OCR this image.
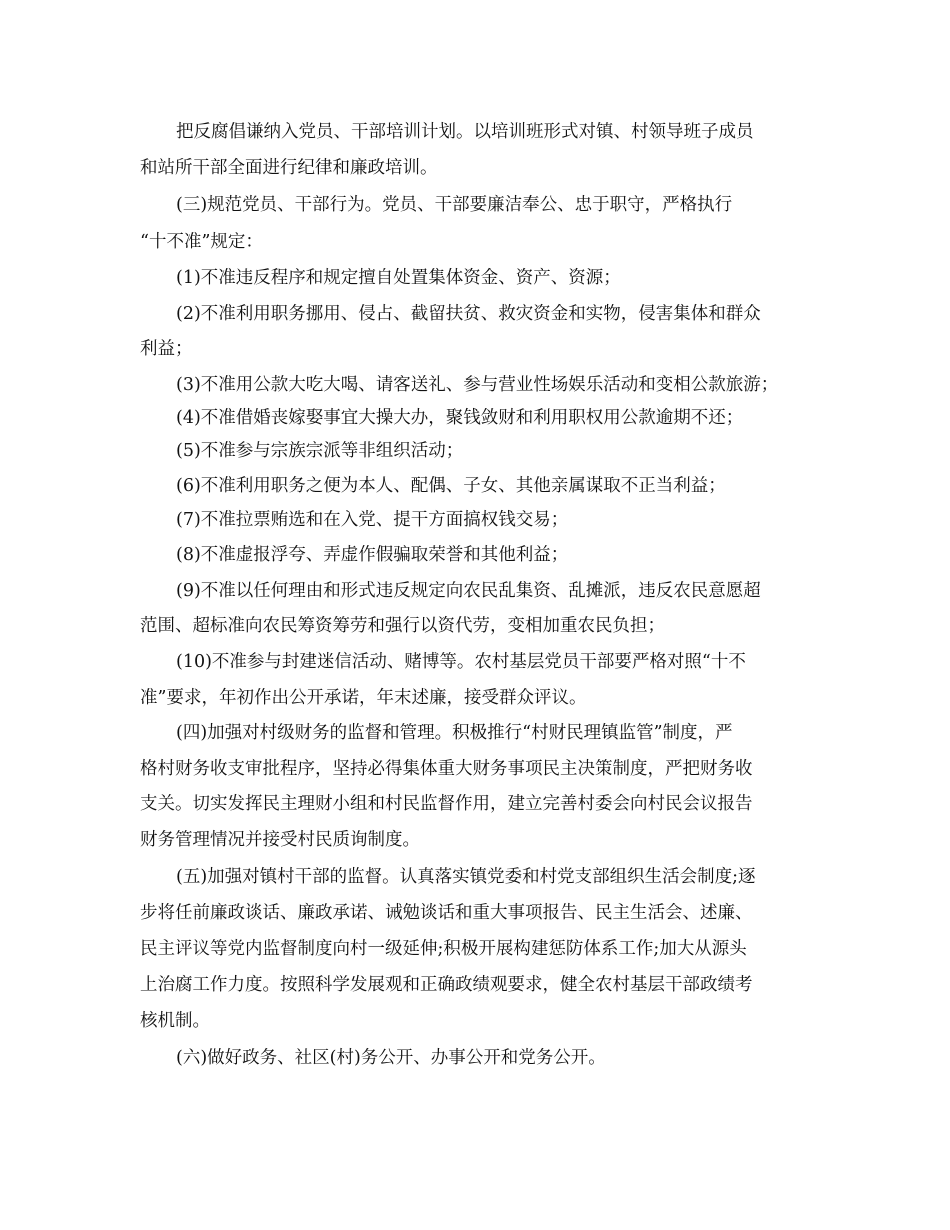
把反腐倡谦纳入党员、干部培训计划。以培训班形式对镇、村领导班子成员
和站所干部全面进行纪律和廉政培训。
(三)规范党员、干部行为。党员、干部要廉洁奉公、忠于职守，严格执行
“十不准”规定：
(1)不准违反程序和规定擅自处置集体资金、资产、资源；
(2)不准利用职务挪用、侵占、截留扶贫、救灾资金和实物，侵害集体和群众
利益；
(3)不准用公款大吃大喝、请客送礼、参与营业性场娱乐活动和变相公款旅游；
(4)不准借婚丧嫁娶事宜大操大办，聚钱敛财和利用职权用公款逾期不还；
(5)不准参与宗族宗派等非组织活动；
(6)不准利用职务之便为本人、配偶、子女、其他亲属谋取不正当利益；
(7)不准拉票贿选和在入党、提干方面搞权钱交易；
(8)不准虚报浮夸、弄虚作假骗取荣誉和其他利益；
(9)不准以任何理由和形式违反规定向农民乱集资、乱摊派，违反农民意愿超
范围、超标准向农民筹资筹劳和强行以资代劳，变相加重农民负担；
(10)不准参与封建迷信活动、赌博等。农村基层党员干部要严格对照“十不
准”要求，年初作出公开承诺，年末述廉，接受群众评议。
(四)加强对村级财务的监督和管理。积极推行“村财民理镇监管”制度，严
格村财务收支审批程序，坚持必得集体重大财务事项民主决策制度，严把财务收
支关。切实发挥民主理财小组和村民监督作用，建立完善村委会向村民会议报告
财务管理情况并接受村民质询制度。
(五)加强对镇村干部的监督。认真落实镇党委和村党支部组织生活会制度;逐
步将任前廉政谈话、廉政承诺、诫勉谈话和重大事项报告、民主生活会、述廉、
民主评议等党内监督制度向村一级延伸;积极开展构建惩防体系工作;加大从源头
上治腐工作力度。按照科学发展观和正确政绩观要求，健全农村基层干部政绩考
核机制。
(六)做好政务、社区(村)务公开、办事公开和党务公开。
